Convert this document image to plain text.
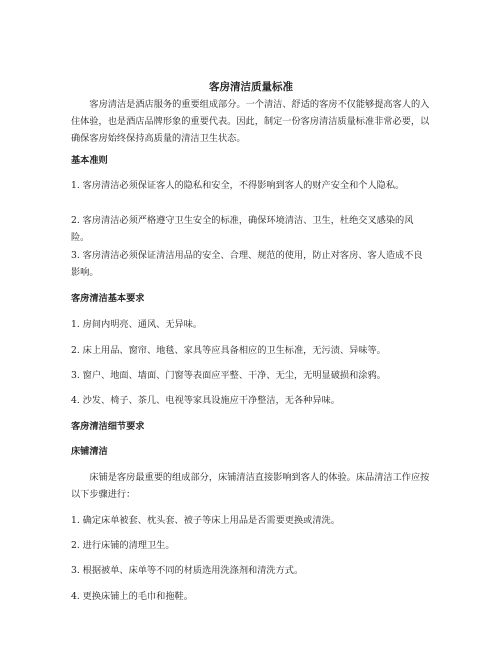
客房清洁质量标准
客房清洁是酒店服务的重要组成部分。一个清洁、舒适的客房不仅能够提高客人的入住体验，也是酒店品牌形象的重要代表。因此，制定一份客房清洁质量标准非常必要，以确保客房始终保持高质量的清洁卫生状态。
基本准则
1. 客房清洁必须保证客人的隐私和安全，不得影响到客人的财产安全和个人隐私。
2. 客房清洁必须严格遵守卫生安全的标准，确保环境清洁、卫生，杜绝交叉感染的风险。
3. 客房清洁必须保证清洁用品的安全、合理、规范的使用，防止对客房、客人造成不良影响。
客房清洁基本要求
1. 房间内明亮、通风、无异味。
2. 床上用品、窗帘、地毯、家具等应具备相应的卫生标准，无污渍、异味等。
3. 窗户、地面、墙面、门窗等表面应平整、干净、无尘，无明显破损和涂鸦。
4. 沙发、椅子、茶几、电视等家具设施应干净整洁，无各种异味。
客房清洁细节要求
床铺清洁
床铺是客房最重要的组成部分，床铺清洁直接影响到客人的体验。床品清洁工作应按以下步骤进行：
1. 确定床单被套、枕头套、被子等床上用品是否需要更换或清洗。
2. 进行床铺的清理卫生。
3. 根据被单、床单等不同的材质选用洗涤剂和清洗方式。
4. 更换床铺上的毛巾和拖鞋。
